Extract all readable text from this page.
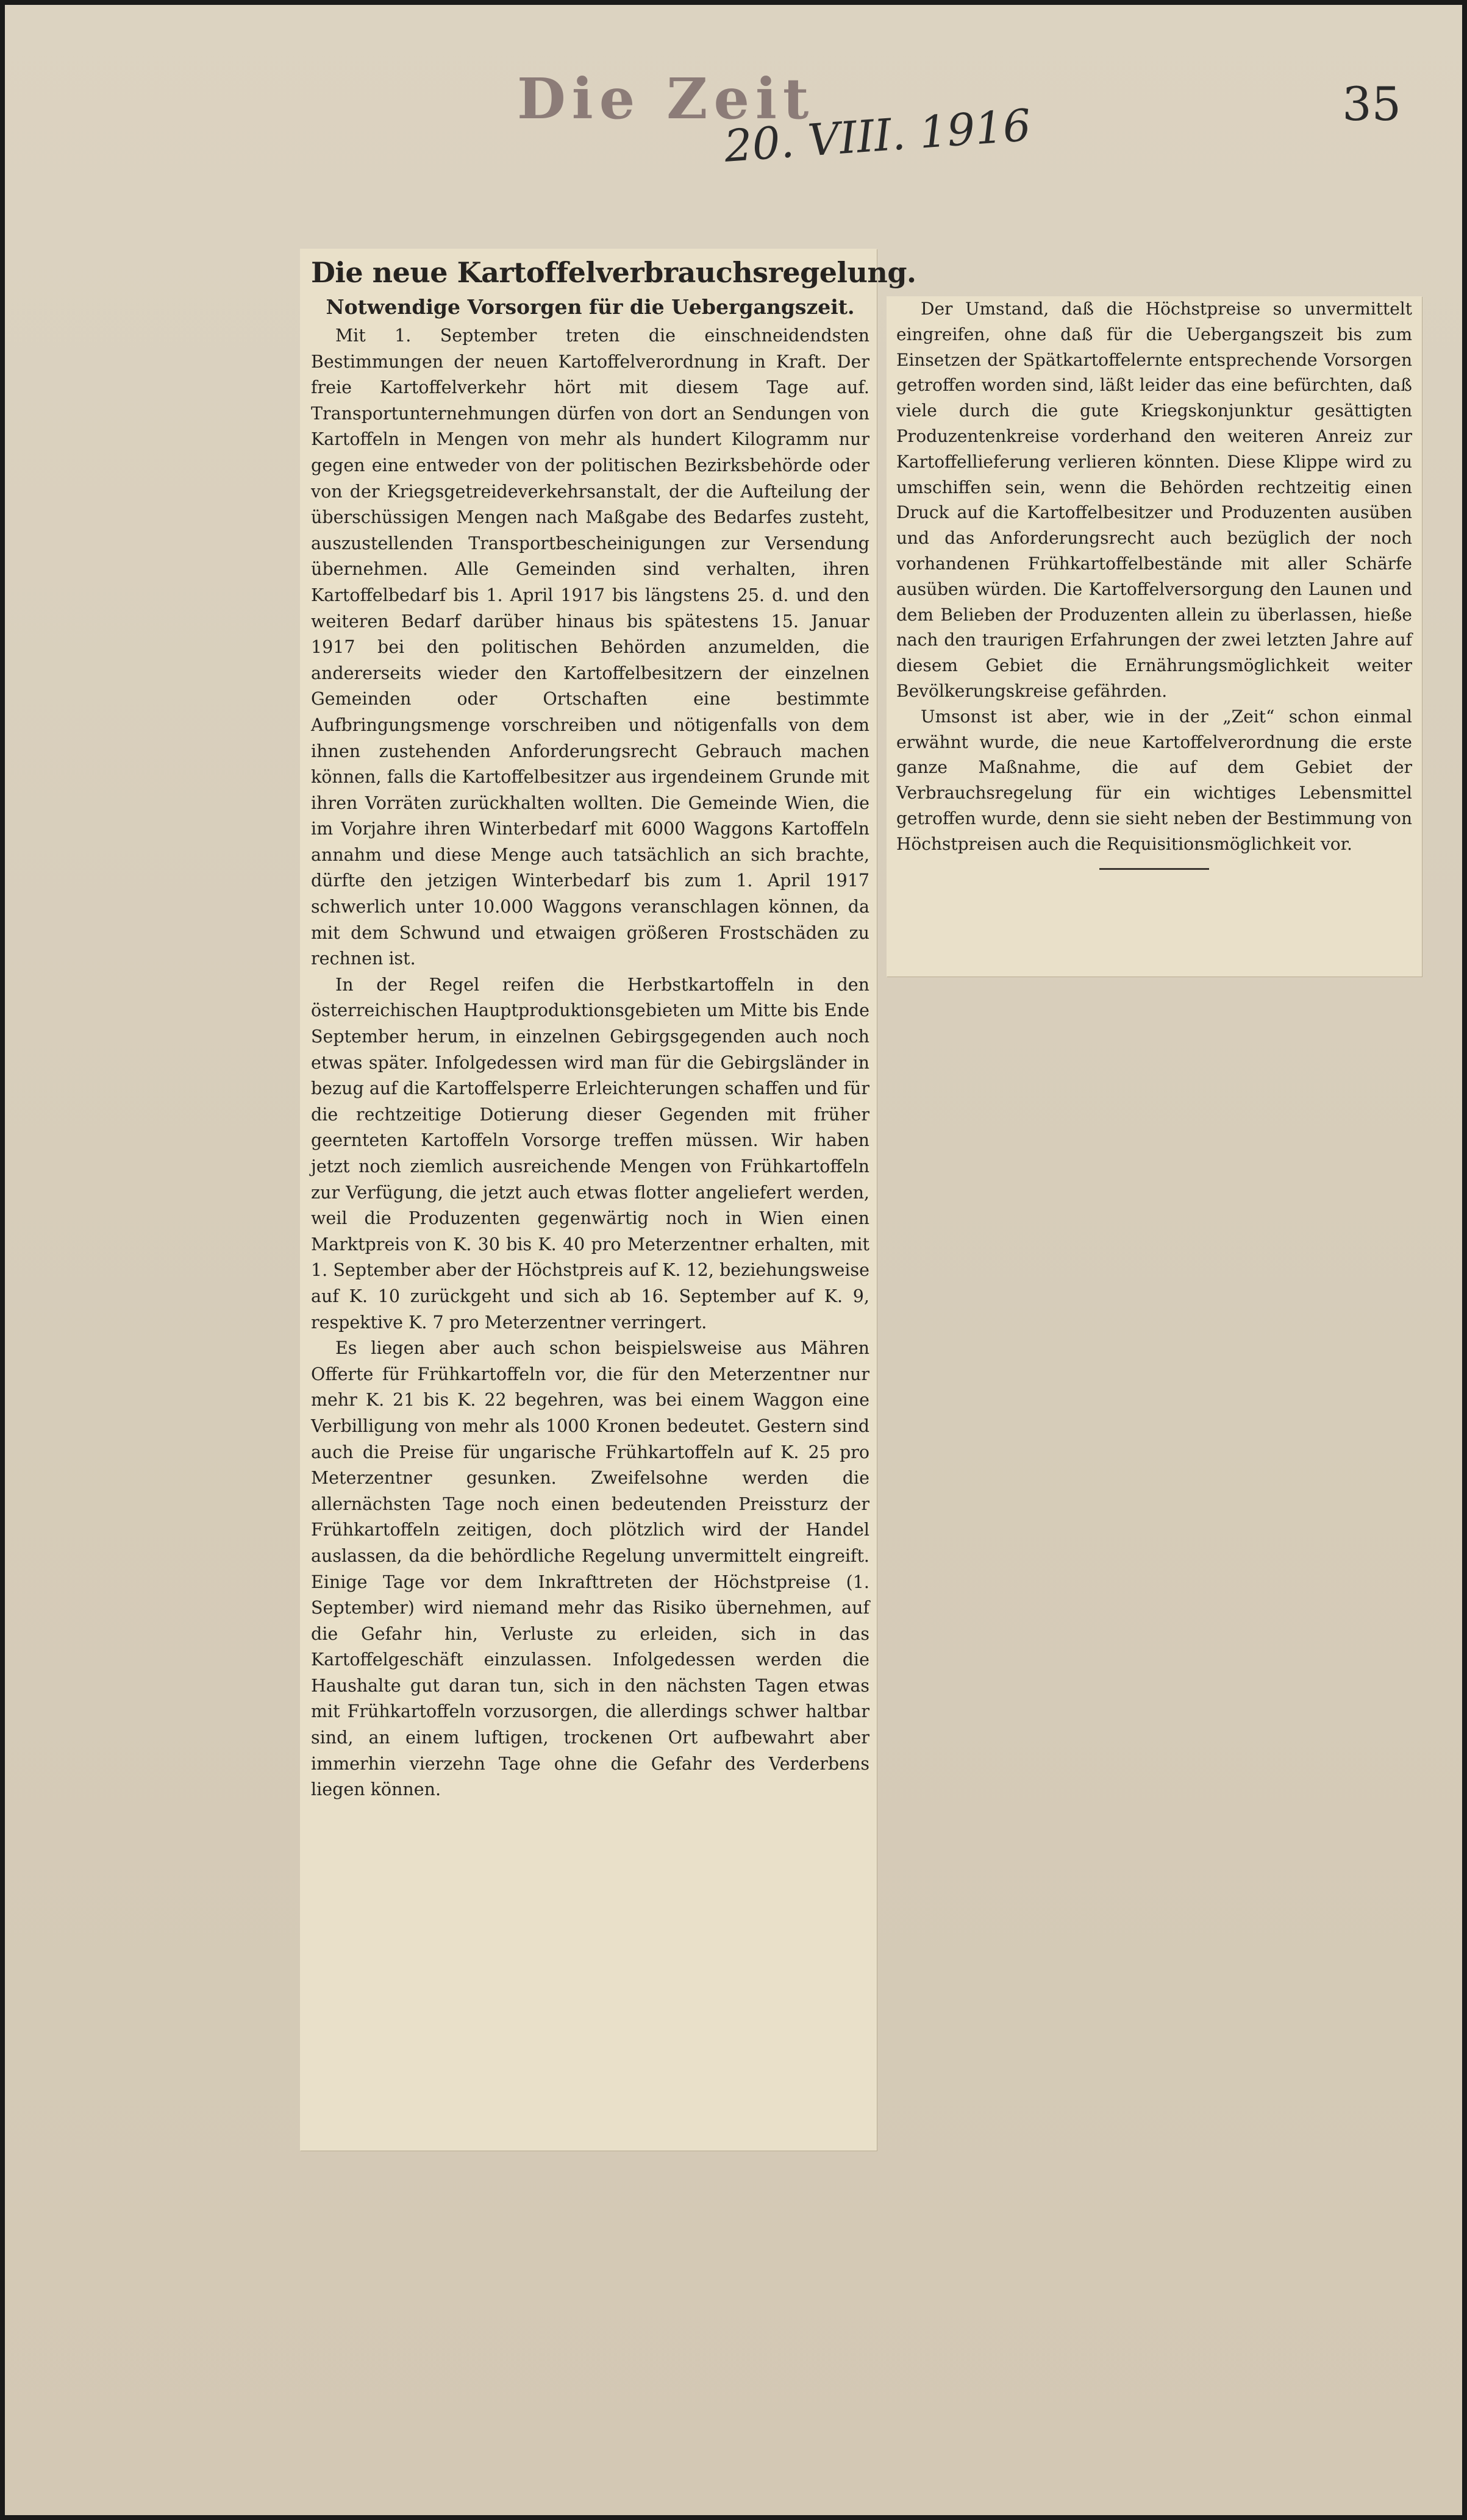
Die Zeit	35
20. VIII. 1916
Die neue Kartoffelverbrauchsregelung.
Notwendige Vorsorgen für die Uebergangszeit.

Mit 1. September treten die einschneidendsten Bestimmungen der neuen Kartoffelverordnung in Kraft. Der freie Kartoffelverkehr hört mit diesem Tage auf. Transportunternehmungen dürfen von dort an Sendungen von Kartoffeln in Mengen von mehr als hundert Kilogramm nur gegen eine entweder von der politischen Bezirksbehörde oder von der Kriegsgetreideverkehrsanstalt, der die Aufteilung der überschüssigen Mengen nach Maßgabe des Bedarfes zusteht, auszustellenden Transportbescheinigungen zur Versendung übernehmen. Alle Gemeinden sind verhalten, ihren Kartoffelbedarf bis 1. April 1917 bis längstens 25. d. und den weiteren Bedarf darüber hinaus bis spätestens 15. Januar 1917 bei den politischen Behörden anzumelden, die andererseits wieder den Kartoffelbesitzern der einzelnen Gemeinden oder Ortschaften eine bestimmte Aufbringungsmenge vorschreiben und nötigenfalls von dem ihnen zustehenden Anforderungsrecht Gebrauch machen können, falls die Kartoffelbesitzer aus irgendeinem Grunde mit ihren Vorräten zurückhalten wollten. Die Gemeinde Wien, die im Vorjahre ihren Winterbedarf mit 6000 Waggons Kartoffeln annahm und diese Menge auch tatsächlich an sich brachte, dürfte den jetzigen Winterbedarf bis zum 1. April 1917 schwerlich unter 10.000 Waggons veranschlagen können, da mit dem Schwund und etwaigen größeren Frostschäden zu rechnen ist.

In der Regel reifen die Herbstkartoffeln in den österreichischen Hauptproduktionsgebieten um Mitte bis Ende September herum, in einzelnen Gebirgsgegenden auch noch etwas später. Infolgedessen wird man für die Gebirgsländer in bezug auf die Kartoffelsperre Erleichterungen schaffen und für die rechtzeitige Dotierung dieser Gegenden mit früher geernteten Kartoffeln Vorsorge treffen müssen. Wir haben jetzt noch ziemlich ausreichende Mengen von Frühkartoffeln zur Verfügung, die jetzt auch etwas flotter angeliefert werden, weil die Produzenten gegenwärtig noch in Wien einen Marktpreis von K. 30 bis K. 40 pro Meterzentner erhalten, mit 1. September aber der Höchstpreis auf K. 12, beziehungsweise auf K. 10 zurückgeht und sich ab 16. September auf K. 9, respektive K. 7 pro Meterzentner verringert.

Es liegen aber auch schon beispielsweise aus Mähren Offerte für Frühkartoffeln vor, die für den Meterzentner nur mehr K. 21 bis K. 22 begehren, was bei einem Waggon eine Verbilligung von mehr als 1000 Kronen bedeutet. Gestern sind auch die Preise für ungarische Frühkartoffeln auf K. 25 pro Meterzentner gesunken. Zweifelsohne werden die allernächsten Tage noch einen bedeutenden Preissturz der Frühkartoffeln zeitigen, doch plötzlich wird der Handel auslassen, da die behördliche Regelung unvermittelt eingreift. Einige Tage vor dem Inkrafttreten der Höchstpreise (1. September) wird niemand mehr das Risiko übernehmen, auf die Gefahr hin, Verluste zu erleiden, sich in das Kartoffelgeschäft einzulassen. Infolgedessen werden die Haushalte gut daran tun, sich in den nächsten Tagen etwas mit Frühkartoffeln vorzusorgen, die allerdings schwer haltbar sind, an einem luftigen, trockenen Ort aufbewahrt aber immerhin vierzehn Tage ohne die Gefahr des Verderbens liegen können.

Der Umstand, daß die Höchstpreise so unvermittelt eingreifen, ohne daß für die Uebergangszeit bis zum Einsetzen der Spätkartoffelernte entsprechende Vorsorgen getroffen worden sind, läßt leider das eine befürchten, daß viele durch die gute Kriegskonjunktur gesättigten Produzentenkreise vorderhand den weiteren Anreiz zur Kartoffellieferung verlieren könnten. Diese Klippe wird zu umschiffen sein, wenn die Behörden rechtzeitig einen Druck auf die Kartoffelbesitzer und Produzenten ausüben und das Anforderungsrecht auch bezüglich der noch vorhandenen Frühkartoffelbestände mit aller Schärfe ausüben würden. Die Kartoffelversorgung den Launen und dem Belieben der Produzenten allein zu überlassen, hieße nach den traurigen Erfahrungen der zwei letzten Jahre auf diesem Gebiet die Ernährungsmöglichkeit weiter Bevölkerungskreise gefährden.

Umsonst ist aber, wie in der „Zeit“ schon einmal erwähnt wurde, die neue Kartoffelverordnung die erste ganze Maßnahme, die auf dem Gebiet der Verbrauchsregelung für ein wichtiges Lebensmittel getroffen wurde, denn sie sieht neben der Bestimmung von Höchstpreisen auch die Requisitionsmöglichkeit vor.
